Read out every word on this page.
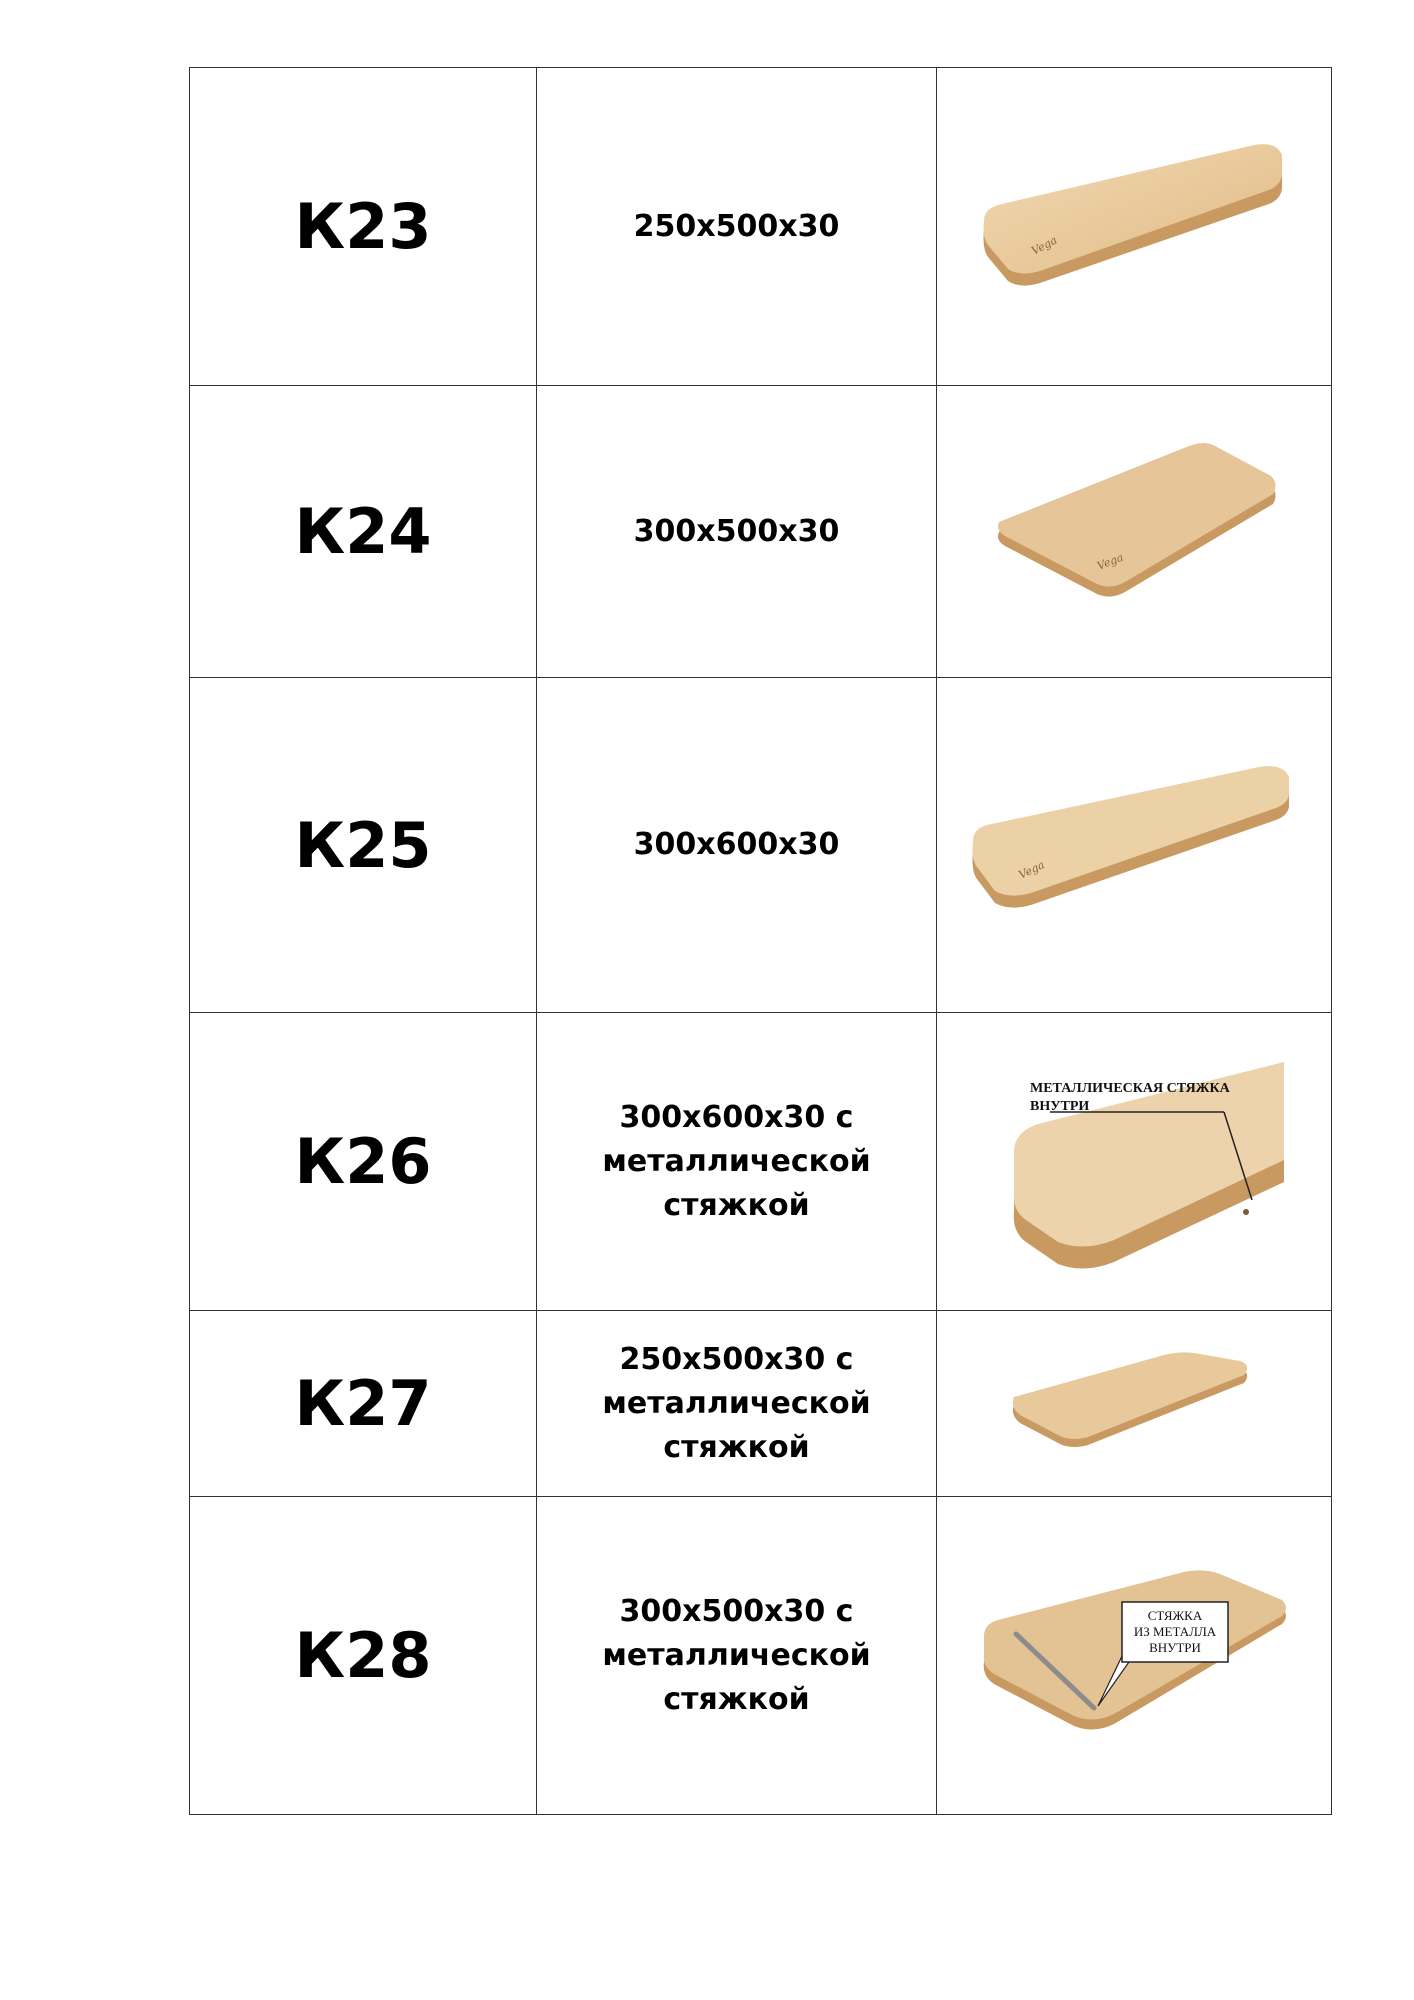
К23	250x500x30	Vega

К24	300x500x30	Vega

К25	300x600x30	Vega

К26	300x600x30 с
металлической
стяжкой	МЕТАЛЛИЧЕСКАЯ СТЯЖКА
ВНУТРИ

К27	250x500x30 с
металлической
стяжкой

К28	300x500x30 с
металлической
стяжкой	СТЯЖКА
ИЗ МЕТАЛЛА
ВНУТРИ
